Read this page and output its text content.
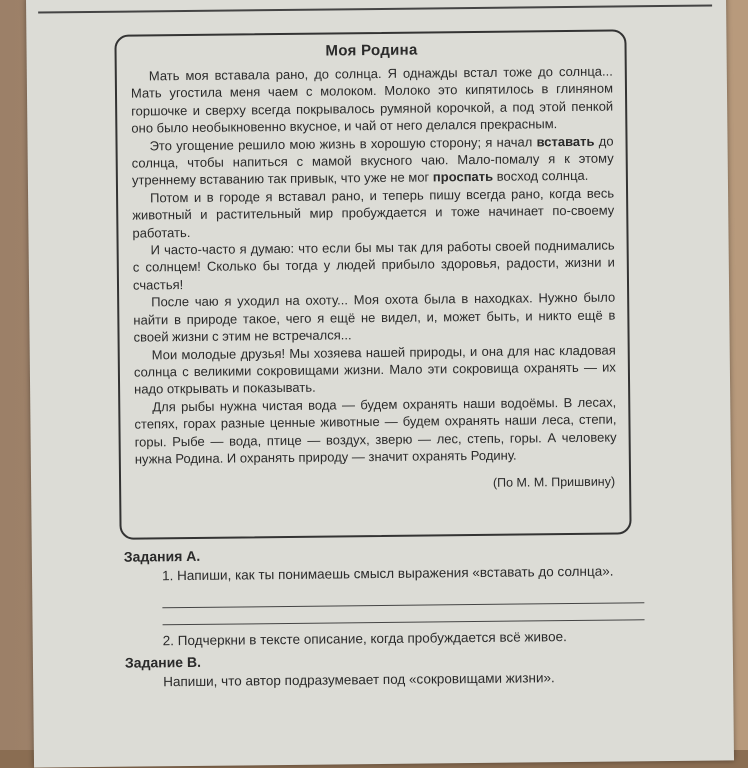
Моя Родина

Мать моя вставала рано, до солнца. Я однажды встал тоже до солнца... Мать угостила меня чаем с молоком. Молоко это кипятилось в глиняном горшочке и сверху всегда покрывалось румяной корочкой, а под этой пенкой оно было необыкновенно вкусное, и чай от него делался прекрасным.

Это угощение решило мою жизнь в хорошую сторону; я начал вставать до солнца, чтобы напиться с мамой вкусного чаю. Мало-помалу я к этому утреннему вставанию так привык, что уже не мог проспать восход солнца.

Потом и в городе я вставал рано, и теперь пишу всегда рано, когда весь животный и растительный мир пробуждается и тоже начинает по-своему работать.

И часто-часто я думаю: что если бы мы так для работы своей поднимались с солнцем! Сколько бы тогда у людей прибыло здоровья, радости, жизни и счастья!

После чаю я уходил на охоту... Моя охота была в находках. Нужно было найти в природе такое, чего я ещё не видел, и, может быть, и никто ещё в своей жизни с этим не встречался...

Мои молодые друзья! Мы хозяева нашей природы, и она для нас кладовая солнца с великими сокровищами жизни. Мало эти сокровища охранять — их надо открывать и показывать.

Для рыбы нужна чистая вода — будем охранять наши водоёмы. В лесах, степях, горах разные ценные животные — будем охранять наши леса, степи, горы. Рыбе — вода, птице — воздух, зверю — лес, степь, горы. А человеку нужна Родина. И охранять природу — значит охранять Родину.

(По М. М. Пришвину)
Задания А.
1. Напиши, как ты понимаешь смысл выражения «вставать до солнца».
2. Подчеркни в тексте описание, когда пробуждается всё живое.
Задание В.
Напиши, что автор подразумевает под «сокровищами жизни».
